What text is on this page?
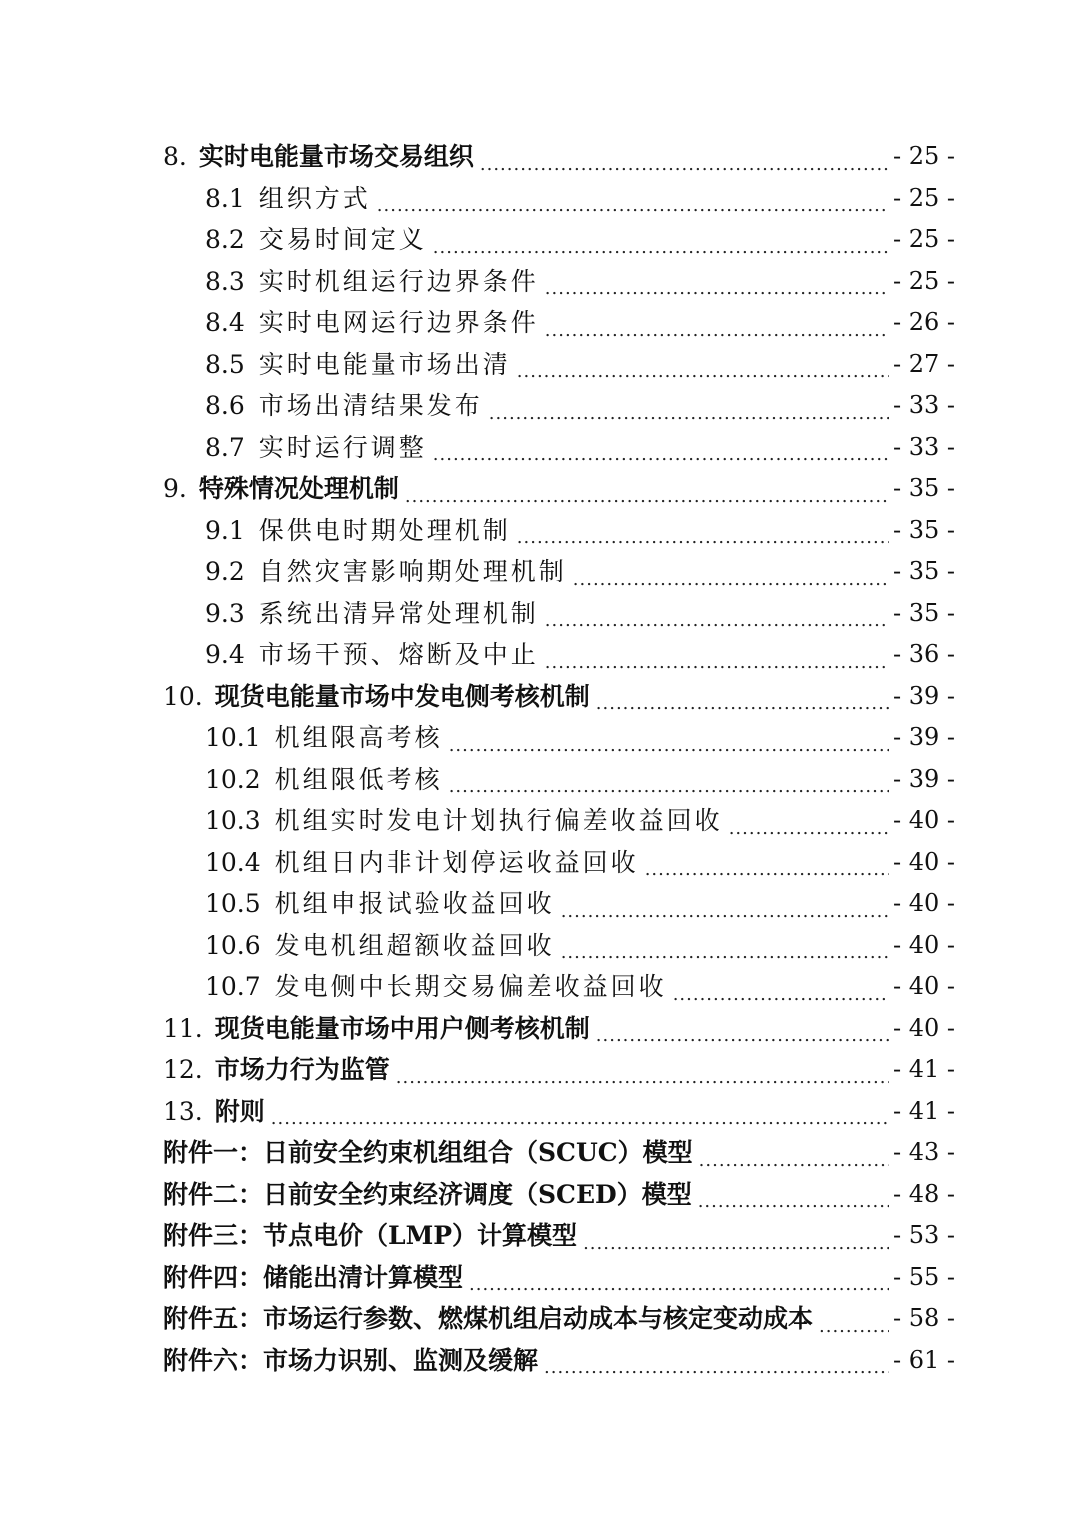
8. 实时电能量市场交易组织 .....	- 25 -
8.1 组织方式 .....	- 25 -
8.2 交易时间定义 .....	- 25 -
8.3 实时机组运行边界条件 .....	- 25 -
8.4 实时电网运行边界条件 .....	- 26 -
8.5 实时电能量市场出清 .....	- 27 -
8.6 市场出清结果发布 .....	- 33 -
8.7 实时运行调整 .....	- 33 -
9. 特殊情况处理机制 .....	- 35 -
9.1 保供电时期处理机制 .....	- 35 -
9.2 自然灾害影响期处理机制 .....	- 35 -
9.3 系统出清异常处理机制 .....	- 35 -
9.4 市场干预、熔断及中止 .....	- 36 -
10. 现货电能量市场中发电侧考核机制 .....	- 39 -
10.1 机组限高考核 .....	- 39 -
10.2 机组限低考核 .....	- 39 -
10.3 机组实时发电计划执行偏差收益回收 .....	- 40 -
10.4 机组日内非计划停运收益回收 .....	- 40 -
10.5 机组申报试验收益回收 .....	- 40 -
10.6 发电机组超额收益回收 .....	- 40 -
10.7 发电侧中长期交易偏差收益回收 .....	- 40 -
11. 现货电能量市场中用户侧考核机制 .....	- 40 -
12. 市场力行为监管 .....	- 41 -
13. 附则 .....	- 41 -
附件一：日前安全约束机组组合（SCUC）模型 .....	- 43 -
附件二：日前安全约束经济调度（SCED）模型 .....	- 48 -
附件三：节点电价（LMP）计算模型 .....	- 53 -
附件四：储能出清计算模型 .....	- 55 -
附件五：市场运行参数、燃煤机组启动成本与核定变动成本 .....	- 58 -
附件六：市场力识别、监测及缓解 .....	- 61 -
